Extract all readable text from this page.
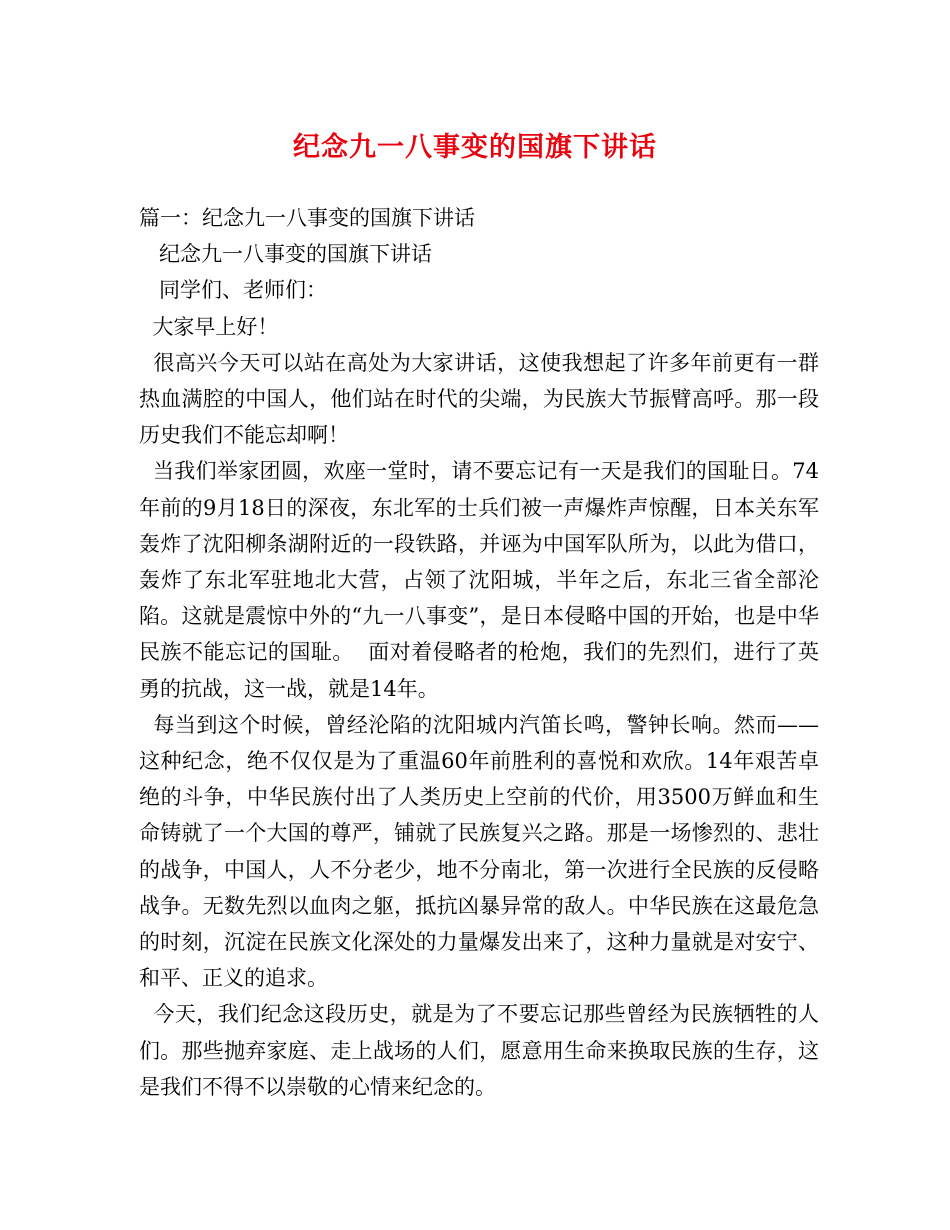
纪念九一八事变的国旗下讲话
篇一：纪念九一八事变的国旗下讲话
纪念九一八事变的国旗下讲话
同学们、老师们：
大家早上好！

很高兴今天可以站在高处为大家讲话，这使我想起了许多年前更有一群热血满腔的中国人，他们站在时代的尖端，为民族大节振臂高呼。那一段历史我们不能忘却啊！

当我们举家团圆，欢座一堂时，请不要忘记有一天是我们的国耻日。74年前的9月18日的深夜，东北军的士兵们被一声爆炸声惊醒，日本关东军轰炸了沈阳柳条湖附近的一段铁路，并诬为中国军队所为，以此为借口，轰炸了东北军驻地北大营，占领了沈阳城，半年之后，东北三省全部沦陷。这就是震惊中外的“九一八事变”，是日本侵略中国的开始，也是中华民族不能忘记的国耻。  面对着侵略者的枪炮，我们的先烈们，进行了英勇的抗战，这一战，就是14年。

每当到这个时候，曾经沦陷的沈阳城内汽笛长鸣，警钟长响。然而——这种纪念，绝不仅仅是为了重温60年前胜利的喜悦和欢欣。14年艰苦卓绝的斗争，中华民族付出了人类历史上空前的代价，用3500万鲜血和生命铸就了一个大国的尊严，铺就了民族复兴之路。那是一场惨烈的、悲壮的战争，中国人，人不分老少，地不分南北，第一次进行全民族的反侵略战争。无数先烈以血肉之躯，抵抗凶暴异常的敌人。中华民族在这最危急的时刻，沉淀在民族文化深处的力量爆发出来了，这种力量就是对安宁、和平、正义的追求。

今天，我们纪念这段历史，就是为了不要忘记那些曾经为民族牺牲的人们。那些抛弃家庭、走上战场的人们，愿意用生命来换取民族的生存，这是我们不得不以崇敬的心情来纪念的。
